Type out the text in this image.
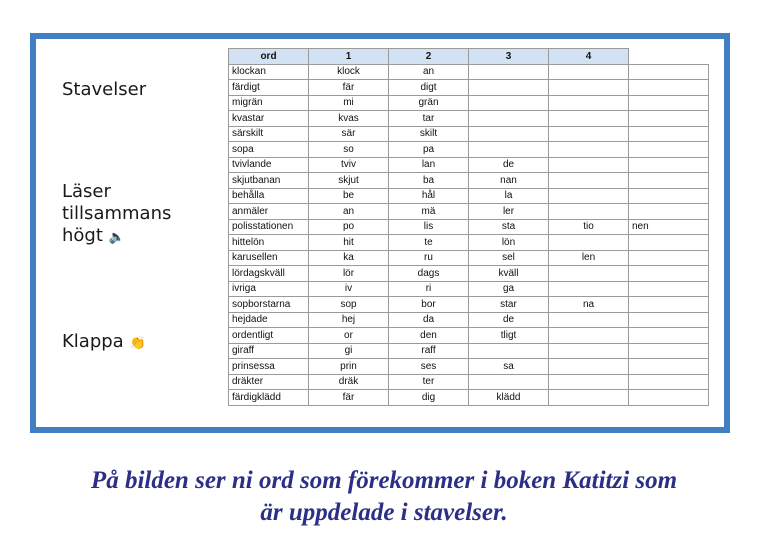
Stavelser
Läser
tillsammans
högt 🔈
Klappa 👏
ord	1	2	3	4	
klockan	klock	an			
färdigt	fär	digt			
migrän	mi	grän			
kvastar	kvas	tar			
särskilt	sär	skilt			
sopa	so	pa			
tvivlande	tviv	lan	de		
skjutbanan	skjut	ba	nan		
behålla	be	hål	la		
anmäler	an	mä	ler		
polisstationen	po	lis	sta	tio	nen
hittelön	hit	te	lön		
karusellen	ka	ru	sel	len	
lördagskväll	lör	dags	kväll		
ivriga	iv	ri	ga		
sopborstarna	sop	bor	star	na	
hejdade	hej	da	de		
ordentligt	or	den	tligt		
giraff	gi	raff			
prinsessa	prin	ses	sa		
dräkter	dräk	ter			
färdigklädd	fär	dig	klädd		
På bilden ser ni ord som förekommer i boken Katitzi som
är uppdelade i stavelser.
